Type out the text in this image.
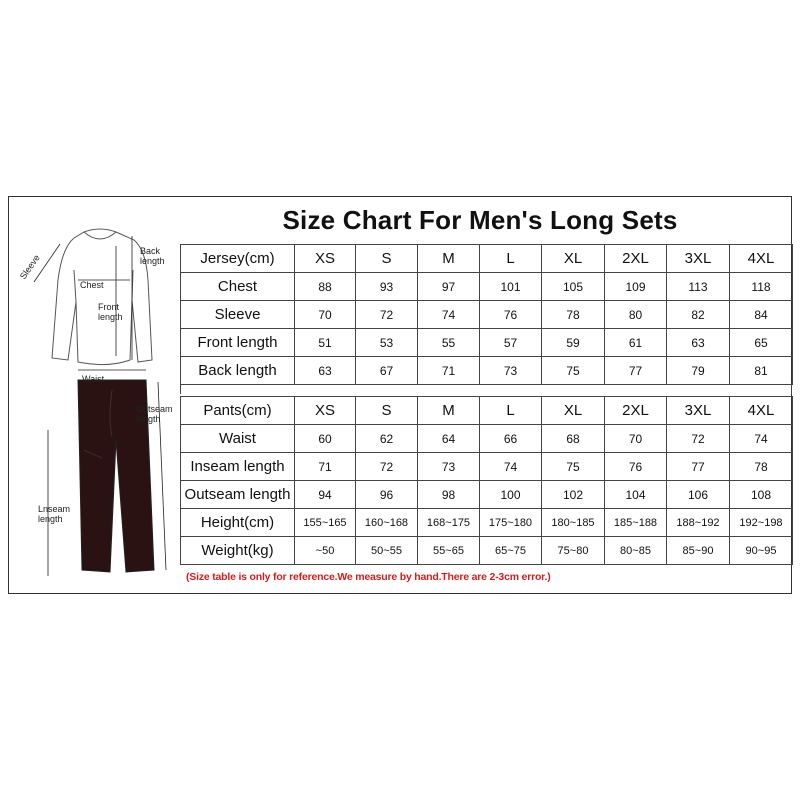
Size Chart For Men's Long Sets
Sleeve
Chest
Back
length
Front
length
Waist
Outseam
length
Lnseam
length
Jersey(cm)	XS	S	M	L	XL	2XL	3XL	4XL
Chest	88	93	97	101	105	109	113	118
Sleeve	70	72	74	76	78	80	82	84
Front length	51	53	55	57	59	61	63	65
Back length	63	67	71	73	75	77	79	81
Pants(cm)	XS	S	M	L	XL	2XL	3XL	4XL
Waist	60	62	64	66	68	70	72	74
Inseam length	71	72	73	74	75	76	77	78
Outseam length	94	96	98	100	102	104	106	108
Height(cm)	155~165	160~168	168~175	175~180	180~185	185~188	188~192	192~198
Weight(kg)	~50	50~55	55~65	65~75	75~80	80~85	85~90	90~95
(Size table is only for reference.We measure by hand.There are 2-3cm error.)
